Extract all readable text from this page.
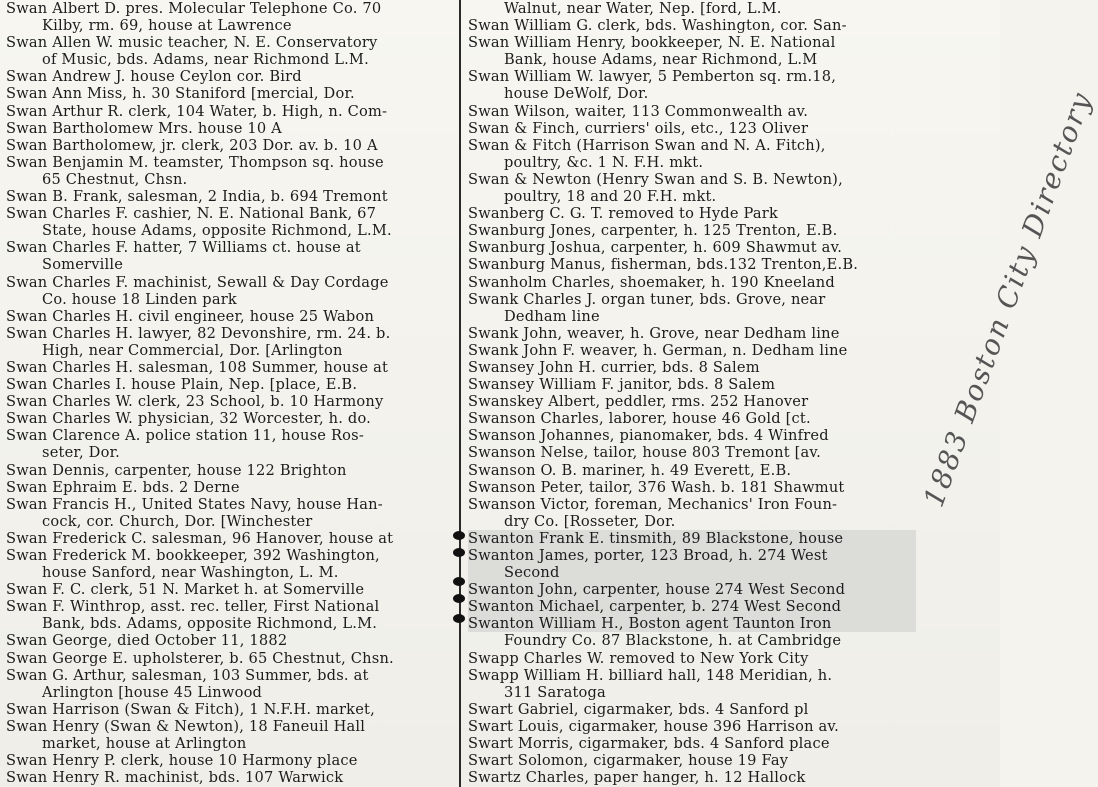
Swan Albert D. pres. Molecular Telephone Co. 70
Kilby, rm. 69, house at Lawrence
Swan Allen W. music teacher, N. E. Conservatory
of Music, bds. Adams, near Richmond L.M.
Swan Andrew J. house Ceylon cor. Bird
Swan Ann Miss, h. 30 Staniford [mercial, Dor.
Swan Arthur R. clerk, 104 Water, b. High, n. Com-
Swan Bartholomew Mrs. house 10 A
Swan Bartholomew, jr. clerk, 203 Dor. av. b. 10 A
Swan Benjamin M. teamster, Thompson sq. house
65 Chestnut, Chsn.
Swan B. Frank, salesman, 2 India, b. 694 Tremont
Swan Charles F. cashier, N. E. National Bank, 67
State, house Adams, opposite Richmond, L.M.
Swan Charles F. hatter, 7 Williams ct. house at
Somerville
Swan Charles F. machinist, Sewall & Day Cordage
Co. house 18 Linden park
Swan Charles H. civil engineer, house 25 Wabon
Swan Charles H. lawyer, 82 Devonshire, rm. 24. b.
High, near Commercial, Dor. [Arlington
Swan Charles H. salesman, 108 Summer, house at
Swan Charles I. house Plain, Nep. [place, E.B.
Swan Charles W. clerk, 23 School, b. 10 Harmony
Swan Charles W. physician, 32 Worcester, h. do.
Swan Clarence A. police station 11, house Ros-
seter, Dor.
Swan Dennis, carpenter, house 122 Brighton
Swan Ephraim E. bds. 2 Derne
Swan Francis H., United States Navy, house Han-
cock, cor. Church, Dor. [Winchester
Swan Frederick C. salesman, 96 Hanover, house at
Swan Frederick M. bookkeeper, 392 Washington,
house Sanford, near Washington, L. M.
Swan F. C. clerk, 51 N. Market h. at Somerville
Swan F. Winthrop, asst. rec. teller, First National
Bank, bds. Adams, opposite Richmond, L.M.
Swan George, died October 11, 1882
Swan George E. upholsterer, b. 65 Chestnut, Chsn.
Swan G. Arthur, salesman, 103 Summer, bds. at
Arlington [house 45 Linwood
Swan Harrison (Swan & Fitch), 1 N.F.H. market,
Swan Henry (Swan & Newton), 18 Faneuil Hall
market, house at Arlington
Swan Henry P. clerk, house 10 Harmony place
Swan Henry R. machinist, bds. 107 Warwick
Walnut, near Water, Nep. [ford, L.M.
Swan William G. clerk, bds. Washington, cor. San-
Swan William Henry, bookkeeper, N. E. National
Bank, house Adams, near Richmond, L.M
Swan William W. lawyer, 5 Pemberton sq. rm.18,
house DeWolf, Dor.
Swan Wilson, waiter, 113 Commonwealth av.
Swan & Finch, curriers' oils, etc., 123 Oliver
Swan & Fitch (Harrison Swan and N. A. Fitch),
poultry, &c. 1 N. F.H. mkt.
Swan & Newton (Henry Swan and S. B. Newton),
poultry, 18 and 20 F.H. mkt.
Swanberg C. G. T. removed to Hyde Park
Swanburg Jones, carpenter, h. 125 Trenton, E.B.
Swanburg Joshua, carpenter, h. 609 Shawmut av.
Swanburg Manus, fisherman, bds.132 Trenton,E.B.
Swanholm Charles, shoemaker, h. 190 Kneeland
Swank Charles J. organ tuner, bds. Grove, near
Dedham line
Swank John, weaver, h. Grove, near Dedham line
Swank John F. weaver, h. German, n. Dedham line
Swansey John H. currier, bds. 8 Salem
Swansey William F. janitor, bds. 8 Salem
Swanskey Albert, peddler, rms. 252 Hanover
Swanson Charles, laborer, house 46 Gold [ct.
Swanson Johannes, pianomaker, bds. 4 Winfred
Swanson Nelse, tailor, house 803 Tremont [av.
Swanson O. B. mariner, h. 49 Everett, E.B.
Swanson Peter, tailor, 376 Wash. b. 181 Shawmut
Swanson Victor, foreman, Mechanics' Iron Foun-
dry Co. [Rosseter, Dor.
Swanton Frank E. tinsmith, 89 Blackstone, house
Swanton James, porter, 123 Broad, h. 274 West
Second
Swanton John, carpenter, house 274 West Second
Swanton Michael, carpenter, b. 274 West Second
Swanton William H., Boston agent Taunton Iron
Foundry Co. 87 Blackstone, h. at Cambridge
Swapp Charles W. removed to New York City
Swapp William H. billiard hall, 148 Meridian, h.
311 Saratoga
Swart Gabriel, cigarmaker, bds. 4 Sanford pl
Swart Louis, cigarmaker, house 396 Harrison av.
Swart Morris, cigarmaker, bds. 4 Sanford place
Swart Solomon, cigarmaker, house 19 Fay
Swartz Charles, paper hanger, h. 12 Hallock
1883 Boston City Directory
